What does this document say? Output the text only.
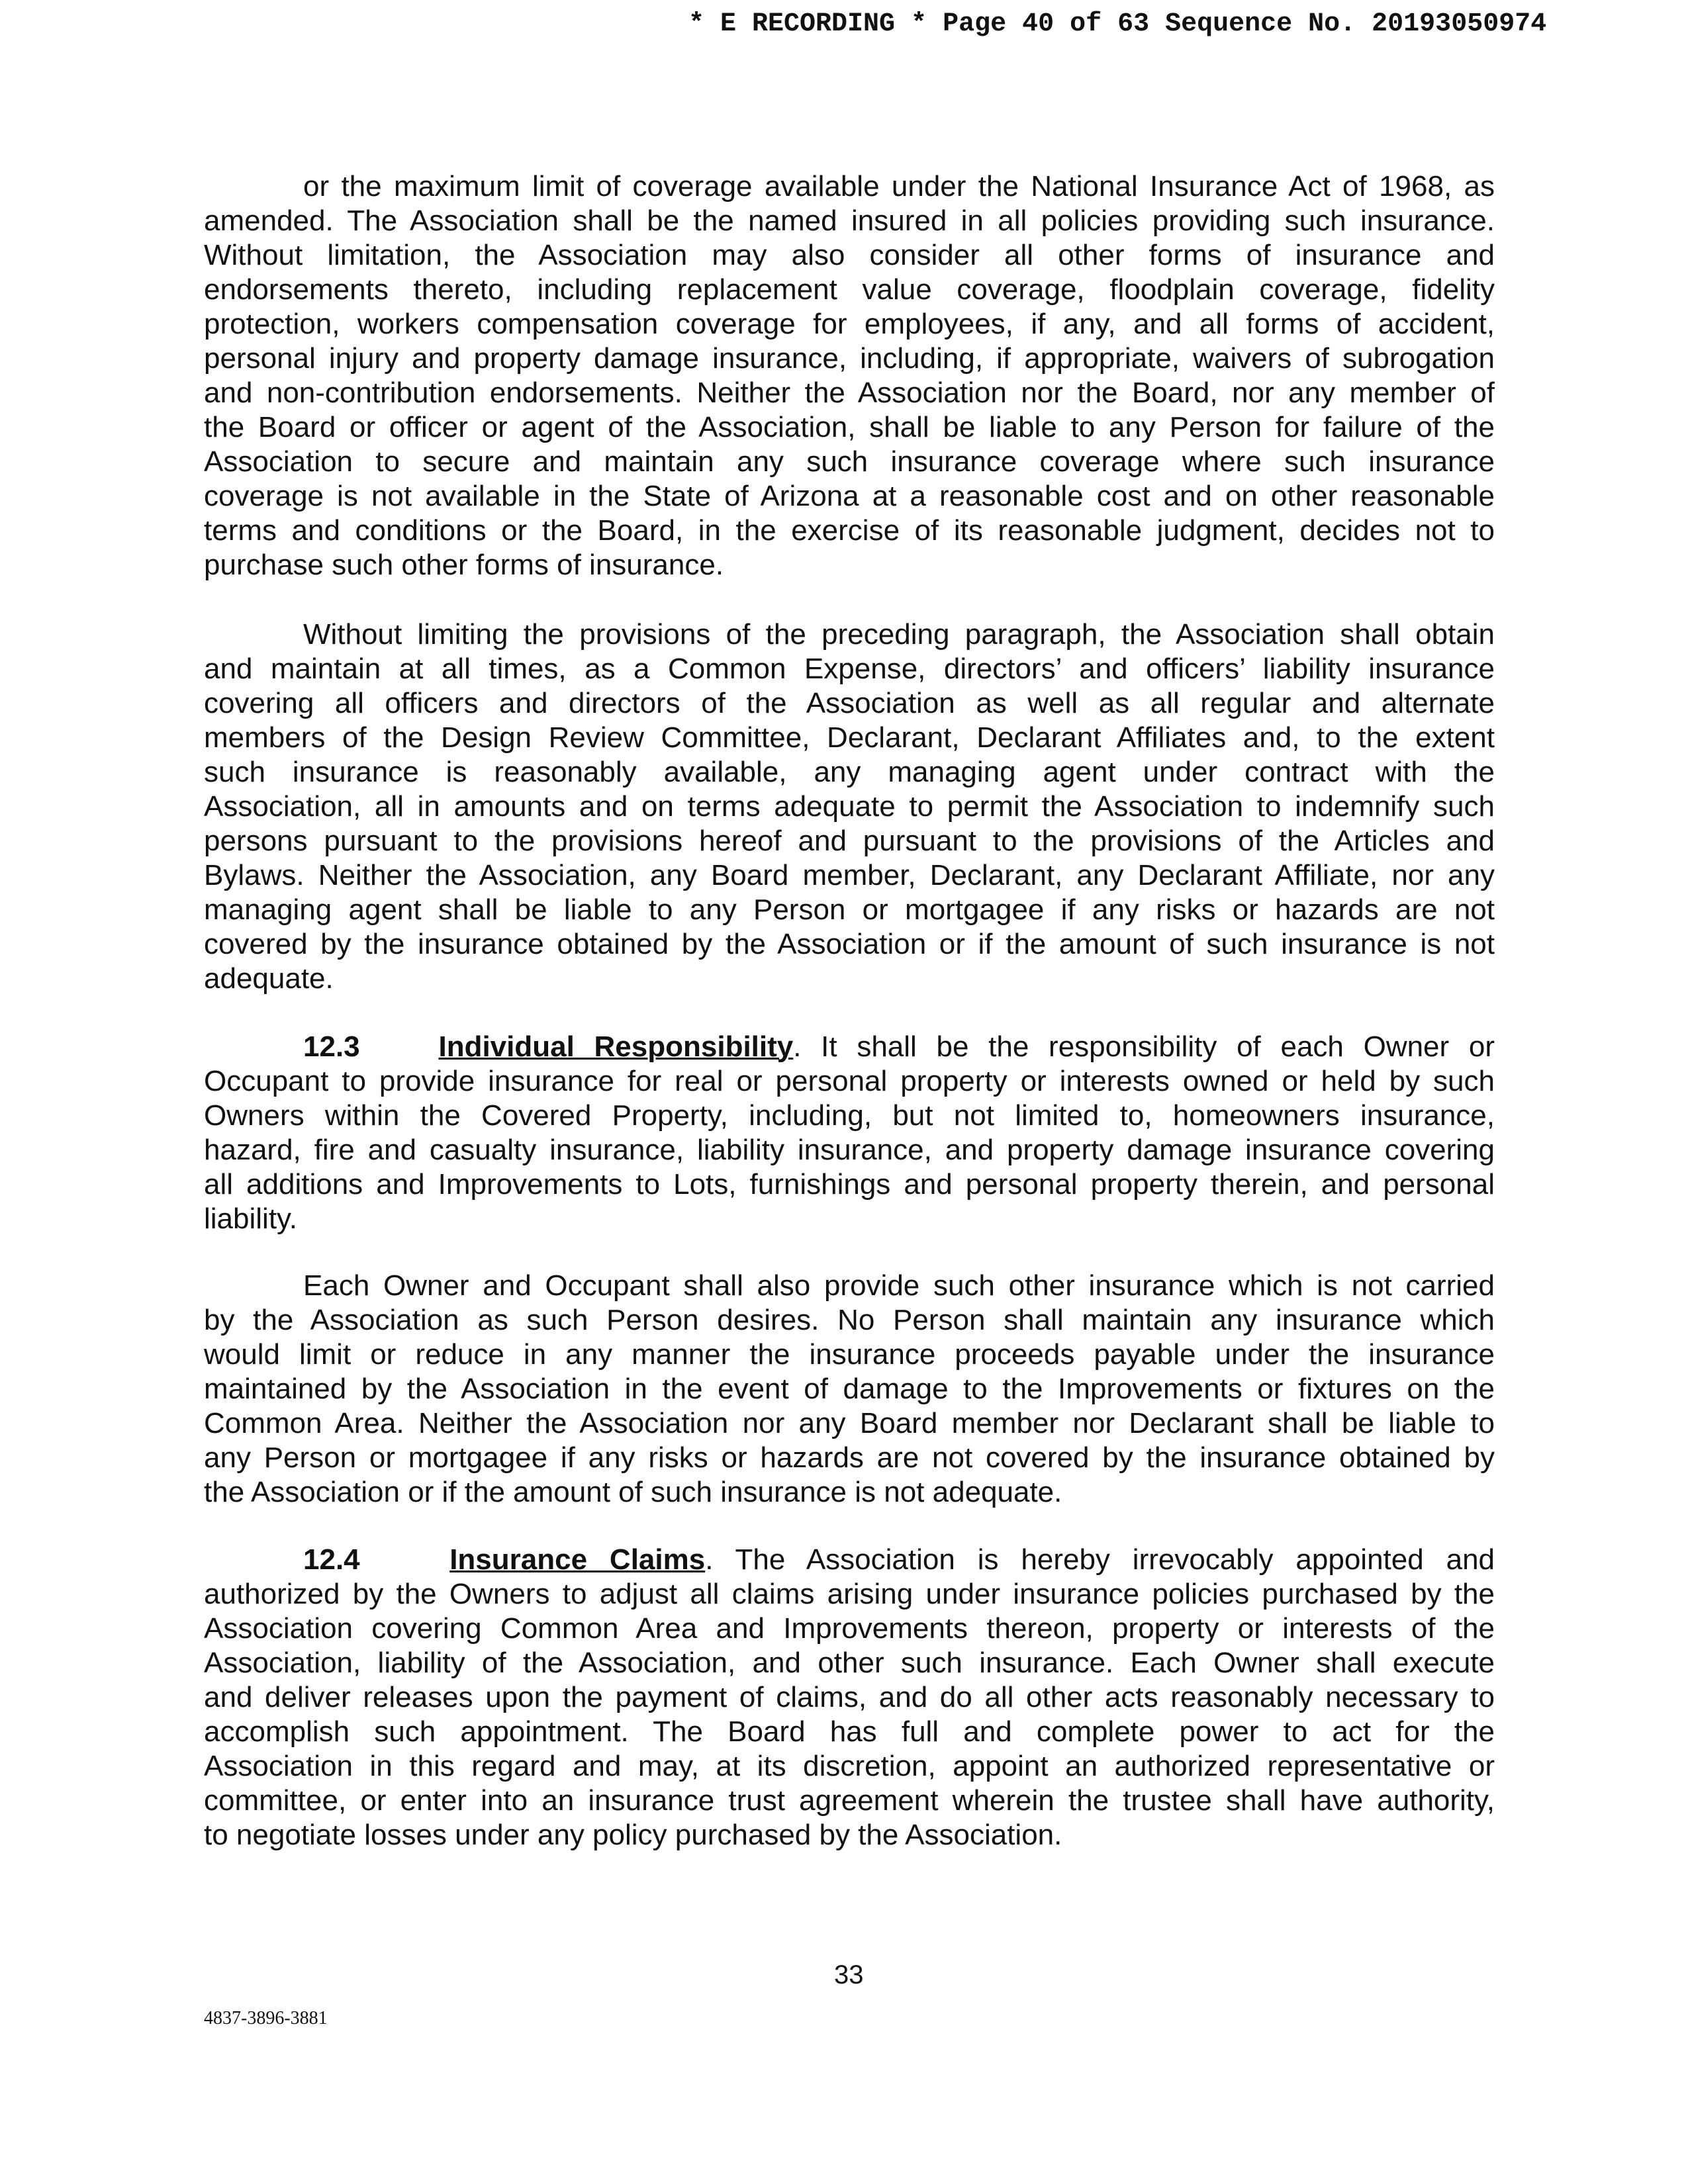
* E RECORDING * Page 40 of 63 Sequence No. 20193050974
or the maximum limit of coverage available under the National Insurance Act of 1968, as
amended. The Association shall be the named insured in all policies providing such insurance.
Without limitation, the Association may also consider all other forms of insurance and
endorsements thereto, including replacement value coverage, floodplain coverage, fidelity
protection, workers compensation coverage for employees, if any, and all forms of accident,
personal injury and property damage insurance, including, if appropriate, waivers of subrogation
and non-contribution endorsements. Neither the Association nor the Board, nor any member of
the Board or officer or agent of the Association, shall be liable to any Person for failure of the
Association to secure and maintain any such insurance coverage where such insurance
coverage is not available in the State of Arizona at a reasonable cost and on other reasonable
terms and conditions or the Board, in the exercise of its reasonable judgment, decides not to
purchase such other forms of insurance.
Without limiting the provisions of the preceding paragraph, the Association shall obtain
and maintain at all times, as a Common Expense, directors’ and officers’ liability insurance
covering all officers and directors of the Association as well as all regular and alternate
members of the Design Review Committee, Declarant, Declarant Affiliates and, to the extent
such insurance is reasonably available, any managing agent under contract with the
Association, all in amounts and on terms adequate to permit the Association to indemnify such
persons pursuant to the provisions hereof and pursuant to the provisions of the Articles and
Bylaws. Neither the Association, any Board member, Declarant, any Declarant Affiliate, nor any
managing agent shall be liable to any Person or mortgagee if any risks or hazards are not
covered by the insurance obtained by the Association or if the amount of such insurance is not
adequate.
12.3	Individual Responsibility. It shall be the responsibility of each Owner or
Occupant to provide insurance for real or personal property or interests owned or held by such
Owners within the Covered Property, including, but not limited to, homeowners insurance,
hazard, fire and casualty insurance, liability insurance, and property damage insurance covering
all additions and Improvements to Lots, furnishings and personal property therein, and personal
liability.
Each Owner and Occupant shall also provide such other insurance which is not carried
by the Association as such Person desires. No Person shall maintain any insurance which
would limit or reduce in any manner the insurance proceeds payable under the insurance
maintained by the Association in the event of damage to the Improvements or fixtures on the
Common Area. Neither the Association nor any Board member nor Declarant shall be liable to
any Person or mortgagee if any risks or hazards are not covered by the insurance obtained by
the Association or if the amount of such insurance is not adequate.
12.4	Insurance Claims. The Association is hereby irrevocably appointed and
authorized by the Owners to adjust all claims arising under insurance policies purchased by the
Association covering Common Area and Improvements thereon, property or interests of the
Association, liability of the Association, and other such insurance. Each Owner shall execute
and deliver releases upon the payment of claims, and do all other acts reasonably necessary to
accomplish such appointment. The Board has full and complete power to act for the
Association in this regard and may, at its discretion, appoint an authorized representative or
committee, or enter into an insurance trust agreement wherein the trustee shall have authority,
to negotiate losses under any policy purchased by the Association.
33
4837-3896-3881
